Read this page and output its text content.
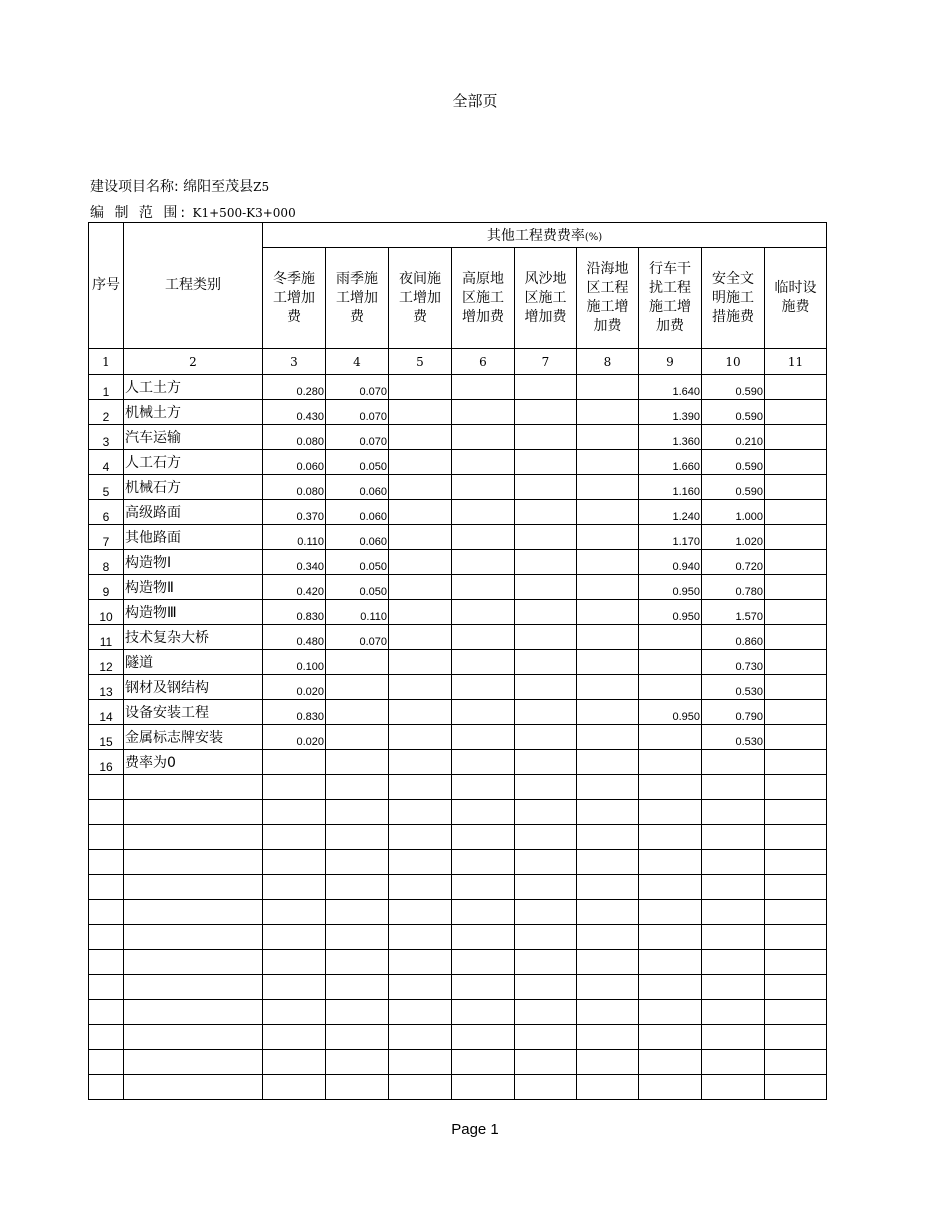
全部页
建设项目名称: 绵阳至茂县Z5
编 制 范 围: K1+500-K3+000
序号	工程类别	其他工程费费率(%)								

		冬季施
工增加
费	雨季施
工增加
费	夜间施
工增加
费	高原地
区施工
增加费	风沙地
区施工
增加费	沿海地
区工程
施工增
加费	行车干
扰工程
施工增
加费	安全文
明施工
措施费	临时设
施费

1	2	3	4	5	6	7	8	9	10	11
1	人工土方	0.280	0.070					1.640	0.590	
2	机械土方	0.430	0.070					1.390	0.590	
3	汽车运输	0.080	0.070					1.360	0.210	
4	人工石方	0.060	0.050					1.660	0.590	
5	机械石方	0.080	0.060					1.160	0.590	
6	高级路面	0.370	0.060					1.240	1.000	
7	其他路面	0.110	0.060					1.170	1.020	
8	构造物Ⅰ	0.340	0.050					0.940	0.720	
9	构造物Ⅱ	0.420	0.050					0.950	0.780	
10	构造物Ⅲ	0.830	0.110					0.950	1.570	
11	技术复杂大桥	0.480	0.070						0.860	
12	隧道	0.100							0.730	
13	钢材及钢结构	0.020							0.530	
14	设备安装工程	0.830						0.950	0.790	
15	金属标志牌安装	0.020							0.530	
16	费率为0									

Page 1
